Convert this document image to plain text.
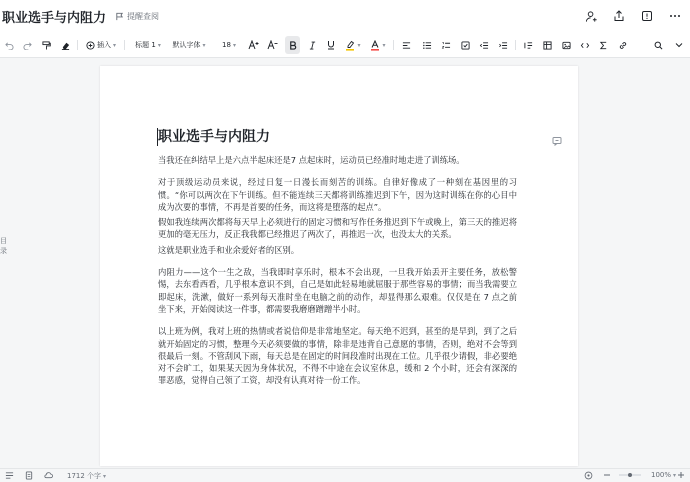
职业选手与内阻力	提醒查阅
插入 ▾	标题 1 ▾ 默认字体 ▾ 18 ▾	▾	▾
目录
职业选手与内阻力

当我还在纠结早上是六点半起床还是7 点起床时，运动员已经准时地走进了训练场。

对于顶级运动员来说，经过日复一日漫长而刻苦的训练。自律好像成了一种刻在基因里的习惯。“你可以两次在下午训练。但不能连续三天都将训练推迟到下午，因为这时训练在你的心目中成为次要的事情，不再是首要的任务，而这将是堕落的起点”。

假如我连续两次都将每天早上必须进行的固定习惯和写作任务推迟到下午或晚上，第三天的推迟将更加的毫无压力，反正我我都已经推迟了两次了，再推迟一次，也没太大的关系。

这就是职业选手和业余爱好者的区别。

内阻力——这个一生之敌，当我即时享乐时，根本不会出现，一旦我开始丢开主要任务，放松警惕，去东看西看，几乎根本意识不到，自己是如此轻易地就屈服于那些容易的事情；而当我需要立即起床，洗漱，做好一系列每天准时坐在电脑之前的动作，却显得那么艰难。仅仅是在 7 点之前坐下来，开始阅读这一件事，都需要我磨磨蹭蹭半小时。

以上班为例，我对上班的热情或者说信仰是非常地坚定。每天绝不迟到，甚至的是早到，到了之后就开始固定的习惯，整理今天必须要做的事情，除非是违背自己意愿的事情，否则，绝对不会等到很最后一刻。不管刮风下雨，每天总是在固定的时间段准时出现在工位。几乎很少请假，非必要绝对不会旷工，如果某天因为身体状况，不得不中途在会议室休息，缓和 2 个小时，还会有深深的罪恶感，觉得自己领了工资，却没有认真对待一份工作。

1712 个字 ▾	100% ▾
